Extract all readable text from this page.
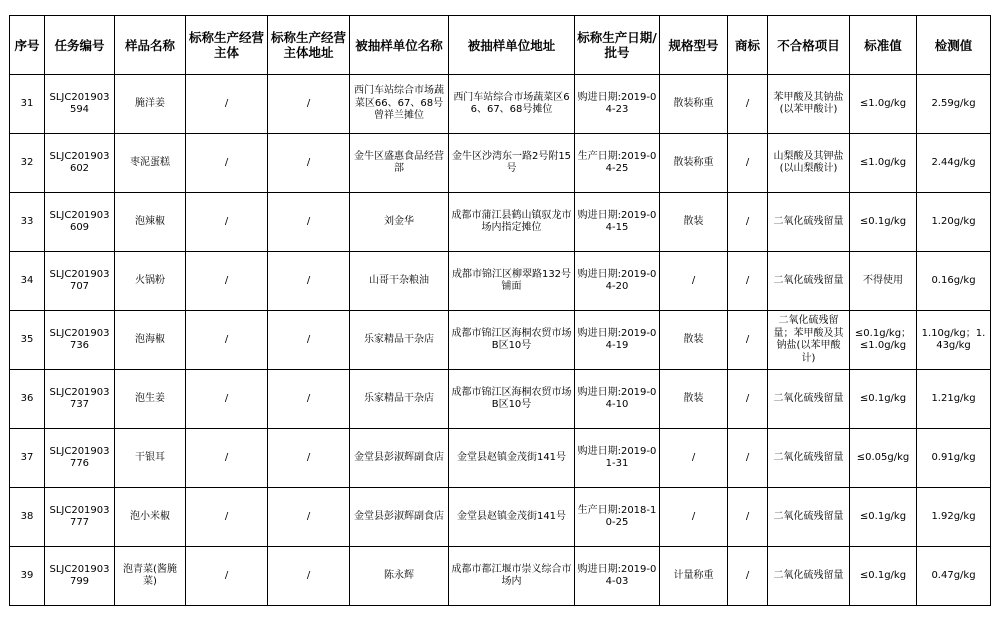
序号	任务编号	样品名称	标称生产经营主体	标称生产经营主体地址	被抽样单位名称	被抽样单位地址	标称生产日期/批号	规格型号	商标	不合格项目	标准值	检测值
31	SLJC201903594	腌洋姜	/	/	西门车站综合市场蔬菜区66、67、68号曾祥兰摊位	西门车站综合市场蔬菜区66、67、68号摊位	购进日期:2019-04-23	散装称重	/	苯甲酸及其钠盐(以苯甲酸计)	≤1.0g/kg	2.59g/kg
32	SLJC201903602	枣泥蛋糕	/	/	金牛区盛惠食品经营部	金牛区沙湾东一路2号附15号	生产日期:2019-04-25	散装称重	/	山梨酸及其钾盐(以山梨酸计)	≤1.0g/kg	2.44g/kg
33	SLJC201903609	泡辣椒	/	/	刘金华	成都市蒲江县鹤山镇驭龙市场内指定摊位	购进日期:2019-04-15	散装	/	二氧化硫残留量	≤0.1g/kg	1.20g/kg
34	SLJC201903707	火锅粉	/	/	山哥干杂粮油	成都市锦江区柳翠路132号铺面	购进日期:2019-04-20	/	/	二氧化硫残留量	不得使用	0.16g/kg
35	SLJC201903736	泡海椒	/	/	乐家精品干杂店	成都市锦江区海桐农贸市场B区10号	购进日期:2019-04-19	散装	/	二氧化硫残留量；苯甲酸及其钠盐(以苯甲酸计)	≤0.1g/kg；≤1.0g/kg	1.10g/kg；1.43g/kg
36	SLJC201903737	泡生姜	/	/	乐家精品干杂店	成都市锦江区海桐农贸市场B区10号	购进日期:2019-04-10	散装	/	二氧化硫残留量	≤0.1g/kg	1.21g/kg
37	SLJC201903776	干银耳	/	/	金堂县彭淑辉副食店	金堂县赵镇金茂街141号	购进日期:2019-01-31	/	/	二氧化硫残留量	≤0.05g/kg	0.91g/kg
38	SLJC201903777	泡小米椒	/	/	金堂县彭淑辉副食店	金堂县赵镇金茂街141号	生产日期:2018-10-25	/	/	二氧化硫残留量	≤0.1g/kg	1.92g/kg
39	SLJC201903799	泡青菜(酱腌菜)	/	/	陈永辉	成都市都江堰市崇义综合市场内	购进日期:2019-04-03	计量称重	/	二氧化硫残留量	≤0.1g/kg	0.47g/kg
